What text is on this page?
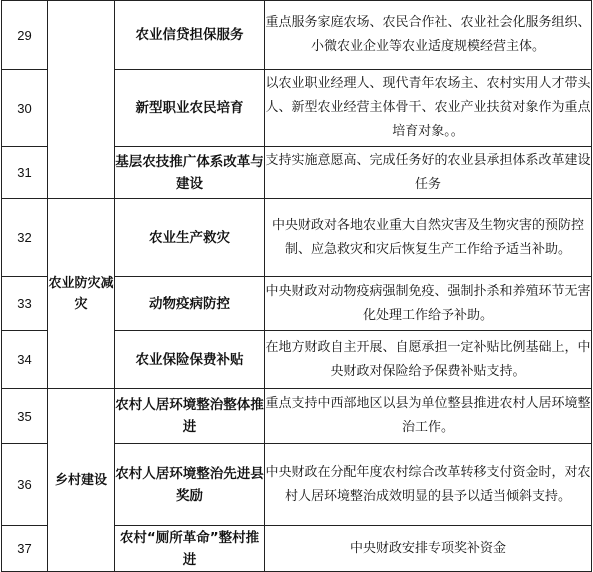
29		农业信贷担保服务	重点服务家庭农场、农民合作社、农业社会化服务组织、小微农业企业等农业适度规模经营主体。
30		新型职业农民培育	以农业职业经理人、现代青年农场主、农村实用人才带头人、新型农业经营主体骨干、农业产业扶贫对象作为重点培育对象。。
31		基层农技推广体系改革与建设	支持实施意愿高、完成任务好的农业县承担体系改革建设任务
32	农业防灾减灾	农业生产救灾	中央财政对各地农业重大自然灾害及生物灾害的预防控制、应急救灾和灾后恢复生产工作给予适当补助。
33		动物疫病防控	中央财政对动物疫病强制免疫、强制扑杀和养殖环节无害化处理工作给予补助。
34		农业保险保费补贴	在地方财政自主开展、自愿承担一定补贴比例基础上，中央财政对保险给予保费补贴支持。
35	乡村建设	农村人居环境整治整体推进	重点支持中西部地区以县为单位整县推进农村人居环境整治工作。
36		农村人居环境整治先进县奖励	中央财政在分配年度农村综合改革转移支付资金时，对农村人居环境整治成效明显的县予以适当倾斜支持。
37		农村“厕所革命”整村推进	中央财政安排专项奖补资金
